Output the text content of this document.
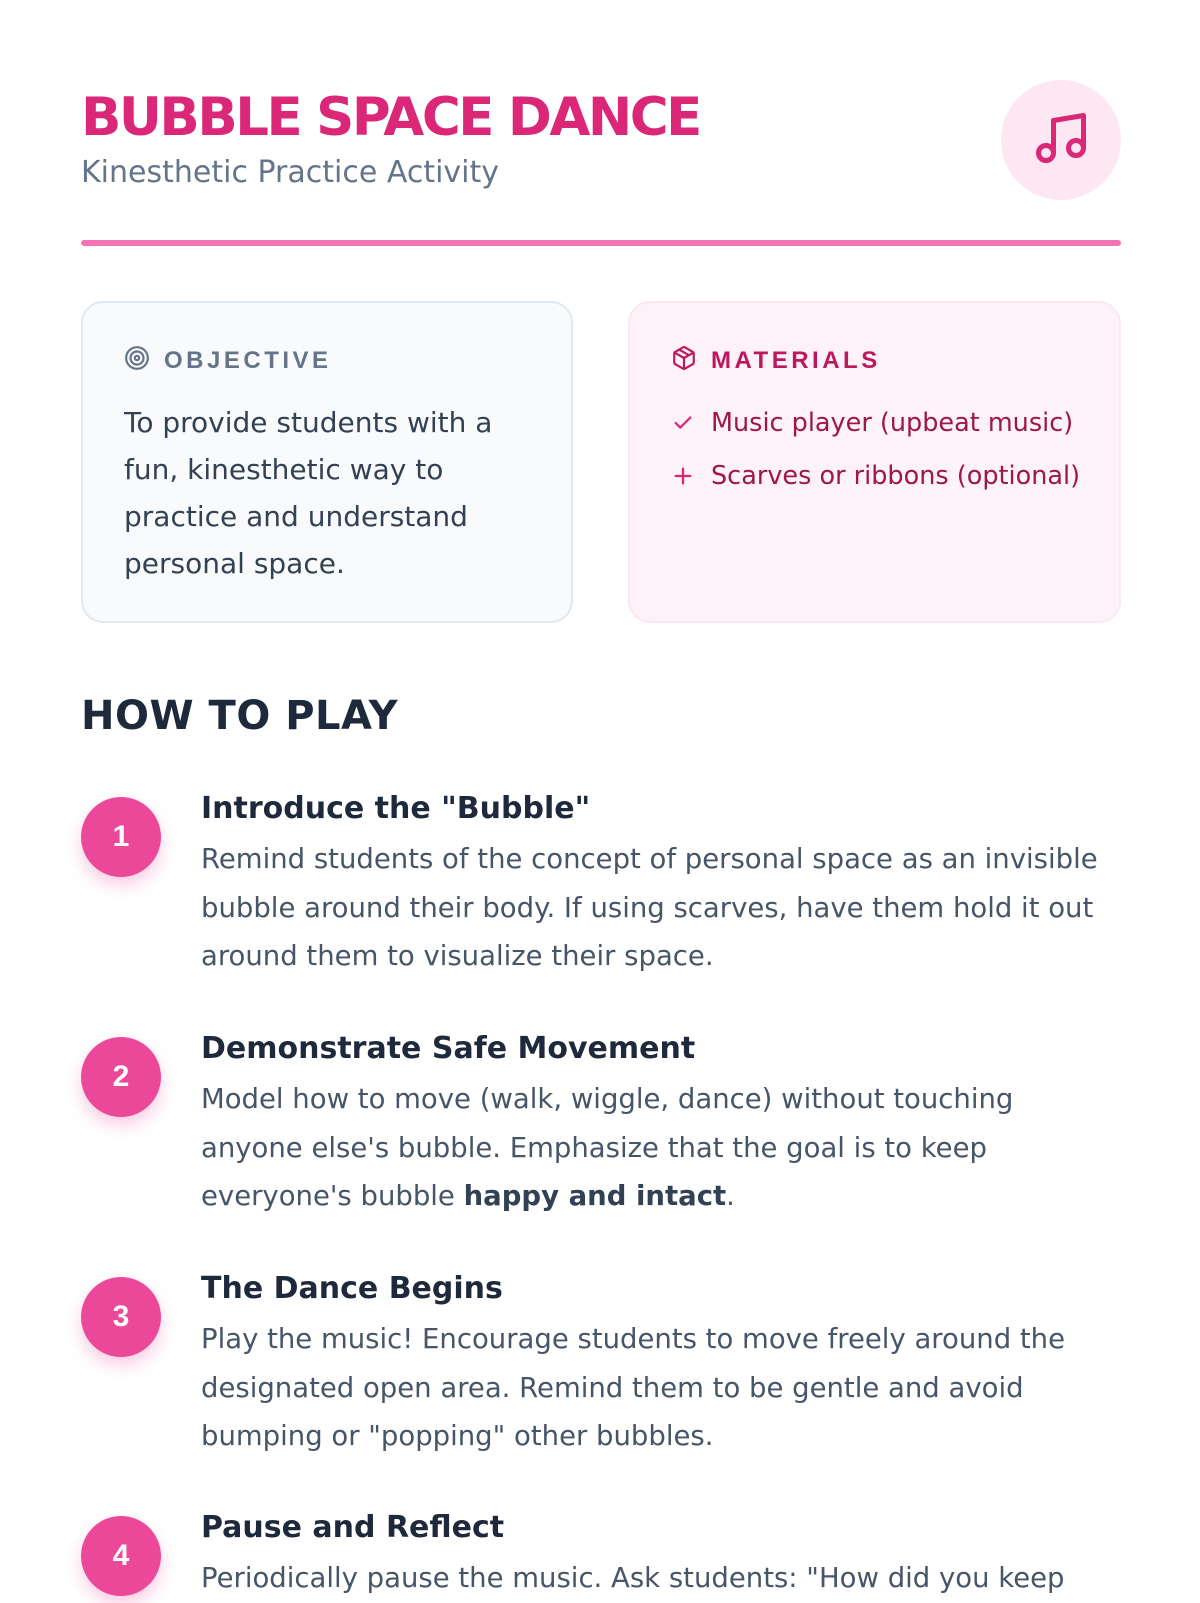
BUBBLE SPACE DANCE
Kinesthetic Practice Activity
OBJECTIVE
To provide students with a fun, kinesthetic way to practice and understand personal space.
MATERIALS
Music player (upbeat music)
Scarves or ribbons (optional)
HOW TO PLAY
1
Introduce the "Bubble"

Remind students of the concept of personal space as an invisible bubble around their body. If using scarves, have them hold it out around them to visualize their space.

2
Demonstrate Safe Movement

Model how to move (walk, wiggle, dance) without touching anyone else's bubble. Emphasize that the goal is to keep everyone's bubble happy and intact.

3
The Dance Begins

Play the music! Encourage students to move freely around the designated open area. Remind them to be gentle and avoid bumping or "popping" other bubbles.

4
Pause and Reflect

Periodically pause the music. Ask students: "How did you keep
